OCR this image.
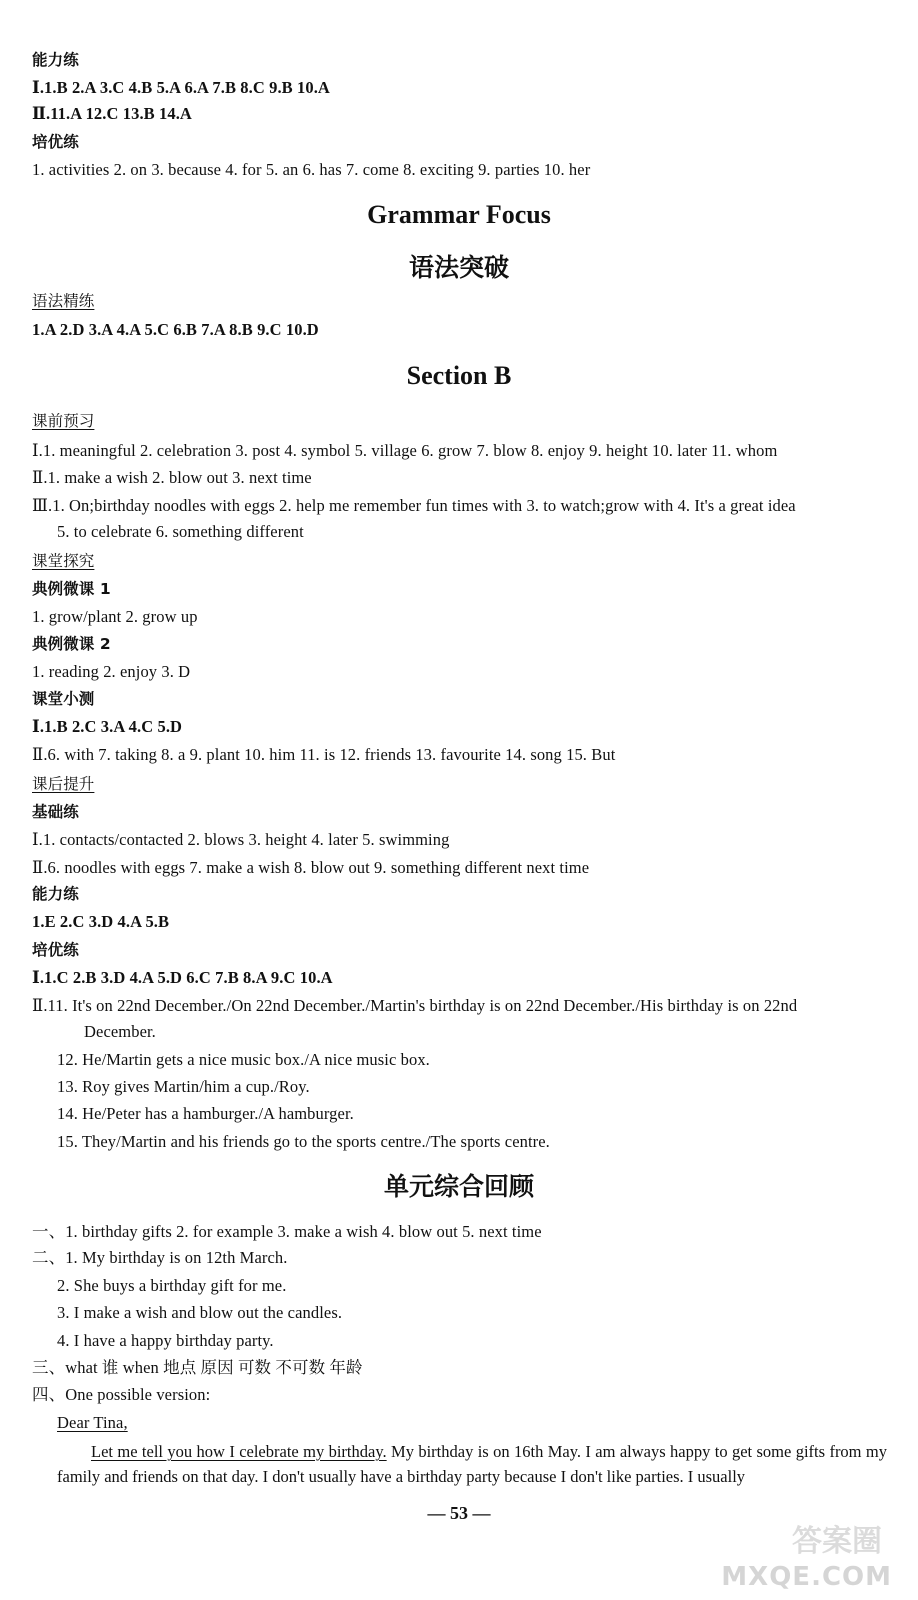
能力练
Ⅰ.1.B 2.A 3.C 4.B 5.A 6.A 7.B 8.C 9.B 10.A
Ⅱ.11.A 12.C 13.B 14.A
培优练
1. activities 2. on 3. because 4. for 5. an 6. has 7. come 8. exciting 9. parties 10. her
Grammar Focus
语法突破
语法精练
1.A 2.D 3.A 4.A 5.C 6.B 7.A 8.B 9.C 10.D
Section B
课前预习
Ⅰ.1. meaningful 2. celebration 3. post 4. symbol 5. village 6. grow 7. blow 8. enjoy 9. height 10. later 11. whom
Ⅱ.1. make a wish 2. blow out 3. next time
Ⅲ.1. On;birthday noodles with eggs 2. help me remember fun times with 3. to watch;grow with 4. It's a great idea
5. to celebrate 6. something different
课堂探究
典例微课 1
1. grow/plant 2. grow up
典例微课 2
1. reading 2. enjoy 3. D
课堂小测
Ⅰ.1.B 2.C 3.A 4.C 5.D
Ⅱ.6. with 7. taking 8. a 9. plant 10. him 11. is 12. friends 13. favourite 14. song 15. But
课后提升
基础练
Ⅰ.1. contacts/contacted 2. blows 3. height 4. later 5. swimming
Ⅱ.6. noodles with eggs 7. make a wish 8. blow out 9. something different next time
能力练
1.E 2.C 3.D 4.A 5.B
培优练
Ⅰ.1.C 2.B 3.D 4.A 5.D 6.C 7.B 8.A 9.C 10.A
Ⅱ.11. It's on 22nd December./On 22nd December./Martin's birthday is on 22nd December./His birthday is on 22nd
December.
12. He/Martin gets a nice music box./A nice music box.
13. Roy gives Martin/him a cup./Roy.
14. He/Peter has a hamburger./A hamburger.
15. They/Martin and his friends go to the sports centre./The sports centre.
单元综合回顾
一、1. birthday gifts 2. for example 3. make a wish 4. blow out 5. next time
二、1. My birthday is on 12th March.
2. She buys a birthday gift for me.
3. I make a wish and blow out the candles.
4. I have a happy birthday party.
三、what 谁 when 地点 原因 可数 不可数 年龄
四、One possible version:
Dear Tina,
Let me tell you how I celebrate my birthday. My birthday is on 16th May. I am always happy to get some gifts from my family and friends on that day. I don't usually have a birthday party because I don't like parties. I usually
— 53 —
答案圈
MXQE.COM
